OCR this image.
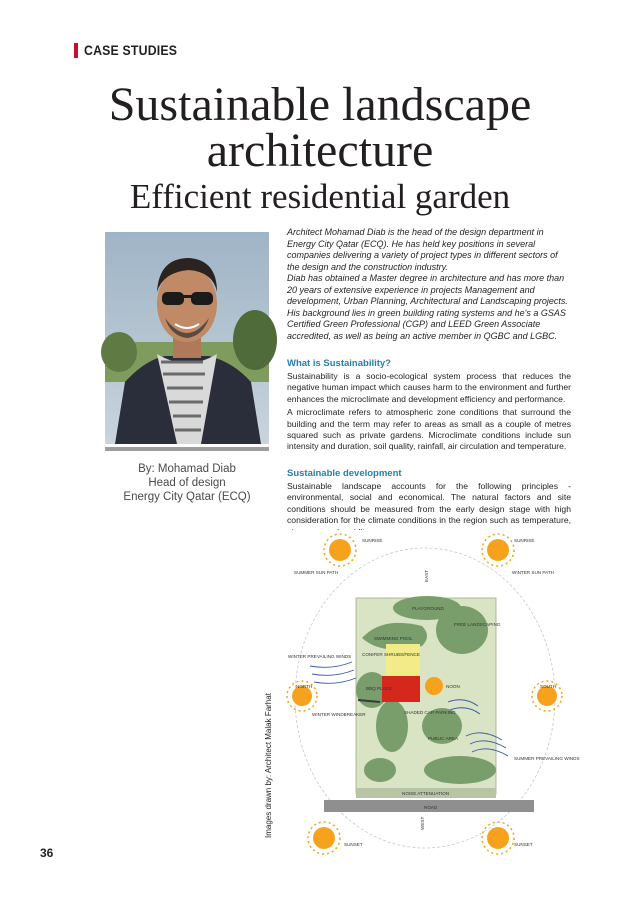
CASE STUDIES
Sustainable landscape
architecture
Efficient residential garden
By: Mohamad Diab
Head of design
Energy City Qatar (ECQ)

Architect Mohamad Diab is the head of the design department in Energy City Qatar (ECQ). He has held key positions in several companies delivering a variety of project types in different sectors of the design and the construction industry.

Diab has obtained a Master degree in architecture and has more than 20 years of extensive experience in projects Management and development, Urban Planning, Architectural and Landscaping projects. His background lies in green building rating systems and he's a GSAS Certified Green Professional (CGP) and LEED Green Associate accredited, as well as being an active member in QGBC and LGBC.

What is Sustainability?

Sustainability is a socio-ecological system process that reduces the negative human impact which causes harm to the environment and further enhances the microclimate and development efficiency and performance.

A microclimate refers to atmospheric zone conditions that surround the building and the term may refer to areas as small as a couple of metres squared such as private gardens. Microclimate conditions include sun intensity and duration, soil quality, rainfall, air circulation and temperature.

Sustainable development

Sustainable landscape accounts for the following principles - environmental, social and economical. The natural factors and site conditions should be measured from the early design stage with high consideration for the climate conditions in the region such as temperature,

SUNRISE	SUNRISE
SUMMER SUN PATH	WINTER SUN PATH
EAST
PLAYGROUND
FREE LANDSCAPING
SWIMMING POOL
CONIFER SHRUBS/FENCE
WINTER PREVAILING WINDS
NORTH	BBQ PLACE	NOON	SOUTH
WINTER WINDBREAKER	SHADED CAR PARKING
PUBLIC AREA
SUMMER PREVAILING WINDS
NOISE ATTENUATION
ROAD
WEST
SUNSET	SUNSET
Images drawn by: Architect Malak Farhat
36
